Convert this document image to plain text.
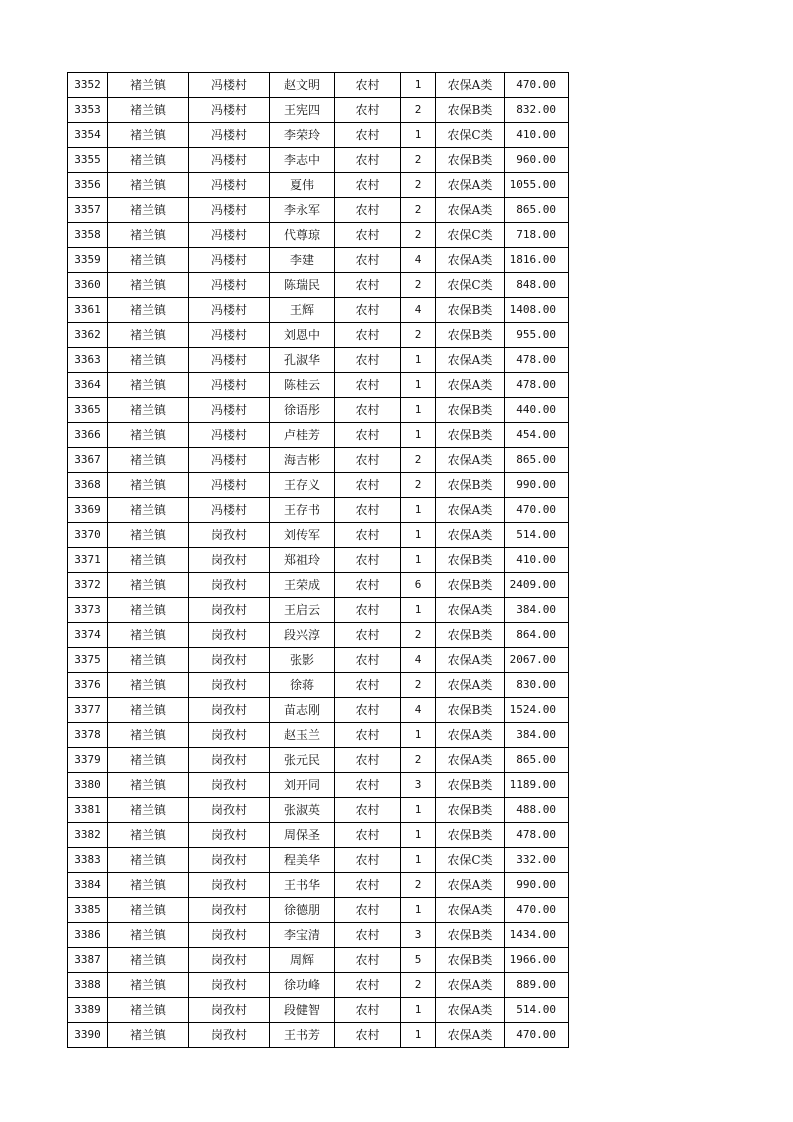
3352	褚兰镇	冯楼村	赵文明	农村	1	农保A类	470.00
3353	褚兰镇	冯楼村	王宪四	农村	2	农保B类	832.00
3354	褚兰镇	冯楼村	李荣玲	农村	1	农保C类	410.00
3355	褚兰镇	冯楼村	李志中	农村	2	农保B类	960.00
3356	褚兰镇	冯楼村	夏伟	农村	2	农保A类	1055.00
3357	褚兰镇	冯楼村	李永军	农村	2	农保A类	865.00
3358	褚兰镇	冯楼村	代尊琼	农村	2	农保C类	718.00
3359	褚兰镇	冯楼村	李建	农村	4	农保A类	1816.00
3360	褚兰镇	冯楼村	陈瑞民	农村	2	农保C类	848.00
3361	褚兰镇	冯楼村	王辉	农村	4	农保B类	1408.00
3362	褚兰镇	冯楼村	刘恩中	农村	2	农保B类	955.00
3363	褚兰镇	冯楼村	孔淑华	农村	1	农保A类	478.00
3364	褚兰镇	冯楼村	陈桂云	农村	1	农保A类	478.00
3365	褚兰镇	冯楼村	徐语彤	农村	1	农保B类	440.00
3366	褚兰镇	冯楼村	卢桂芳	农村	1	农保B类	454.00
3367	褚兰镇	冯楼村	海吉彬	农村	2	农保A类	865.00
3368	褚兰镇	冯楼村	王存义	农村	2	农保B类	990.00
3369	褚兰镇	冯楼村	王存书	农村	1	农保A类	470.00
3370	褚兰镇	岗孜村	刘传军	农村	1	农保A类	514.00
3371	褚兰镇	岗孜村	郑祖玲	农村	1	农保B类	410.00
3372	褚兰镇	岗孜村	王荣成	农村	6	农保B类	2409.00
3373	褚兰镇	岗孜村	王启云	农村	1	农保A类	384.00
3374	褚兰镇	岗孜村	段兴淳	农村	2	农保B类	864.00
3375	褚兰镇	岗孜村	张影	农村	4	农保A类	2067.00
3376	褚兰镇	岗孜村	徐蒋	农村	2	农保A类	830.00
3377	褚兰镇	岗孜村	苗志刚	农村	4	农保B类	1524.00
3378	褚兰镇	岗孜村	赵玉兰	农村	1	农保A类	384.00
3379	褚兰镇	岗孜村	张元民	农村	2	农保A类	865.00
3380	褚兰镇	岗孜村	刘开同	农村	3	农保B类	1189.00
3381	褚兰镇	岗孜村	张淑英	农村	1	农保B类	488.00
3382	褚兰镇	岗孜村	周保圣	农村	1	农保B类	478.00
3383	褚兰镇	岗孜村	程美华	农村	1	农保C类	332.00
3384	褚兰镇	岗孜村	王书华	农村	2	农保A类	990.00
3385	褚兰镇	岗孜村	徐德朋	农村	1	农保A类	470.00
3386	褚兰镇	岗孜村	李宝清	农村	3	农保B类	1434.00
3387	褚兰镇	岗孜村	周辉	农村	5	农保B类	1966.00
3388	褚兰镇	岗孜村	徐功峰	农村	2	农保A类	889.00
3389	褚兰镇	岗孜村	段健智	农村	1	农保A类	514.00
3390	褚兰镇	岗孜村	王书芳	农村	1	农保A类	470.00
